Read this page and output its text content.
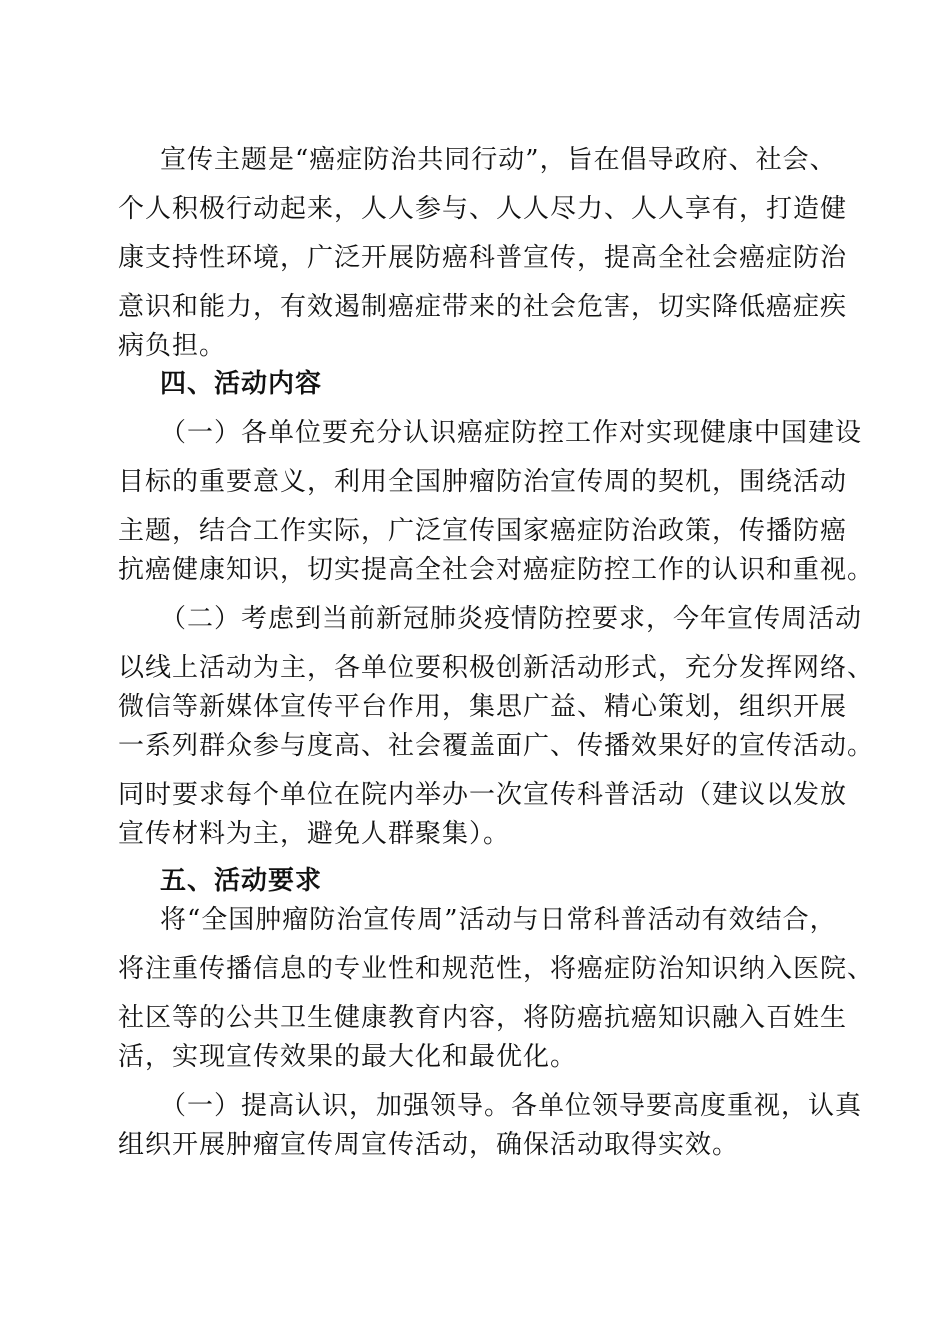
宣传主题是“癌症防治共同行动”，旨在倡导政府、社会、
个人积极行动起来，人人参与、人人尽力、人人享有，打造健
康支持性环境，广泛开展防癌科普宣传，提高全社会癌症防治
意识和能力，有效遏制癌症带来的社会危害，切实降低癌症疾
病负担。
四、活动内容
（一）各单位要充分认识癌症防控工作对实现健康中国建设
目标的重要意义，利用全国肿瘤防治宣传周的契机，围绕活动
主题，结合工作实际，广泛宣传国家癌症防治政策，传播防癌
抗癌健康知识，切实提高全社会对癌症防控工作的认识和重视。
（二）考虑到当前新冠肺炎疫情防控要求，今年宣传周活动
以线上活动为主，各单位要积极创新活动形式，充分发挥网络、
微信等新媒体宣传平台作用，集思广益、精心策划，组织开展
一系列群众参与度高、社会覆盖面广、传播效果好的宣传活动。
同时要求每个单位在院内举办一次宣传科普活动（建议以发放
宣传材料为主，避免人群聚集）。
五、活动要求
将“全国肿瘤防治宣传周”活动与日常科普活动有效结合，
将注重传播信息的专业性和规范性，将癌症防治知识纳入医院、
社区等的公共卫生健康教育内容，将防癌抗癌知识融入百姓生
活，实现宣传效果的最大化和最优化。
（一）提高认识，加强领导。各单位领导要高度重视，认真
组织开展肿瘤宣传周宣传活动，确保活动取得实效。
